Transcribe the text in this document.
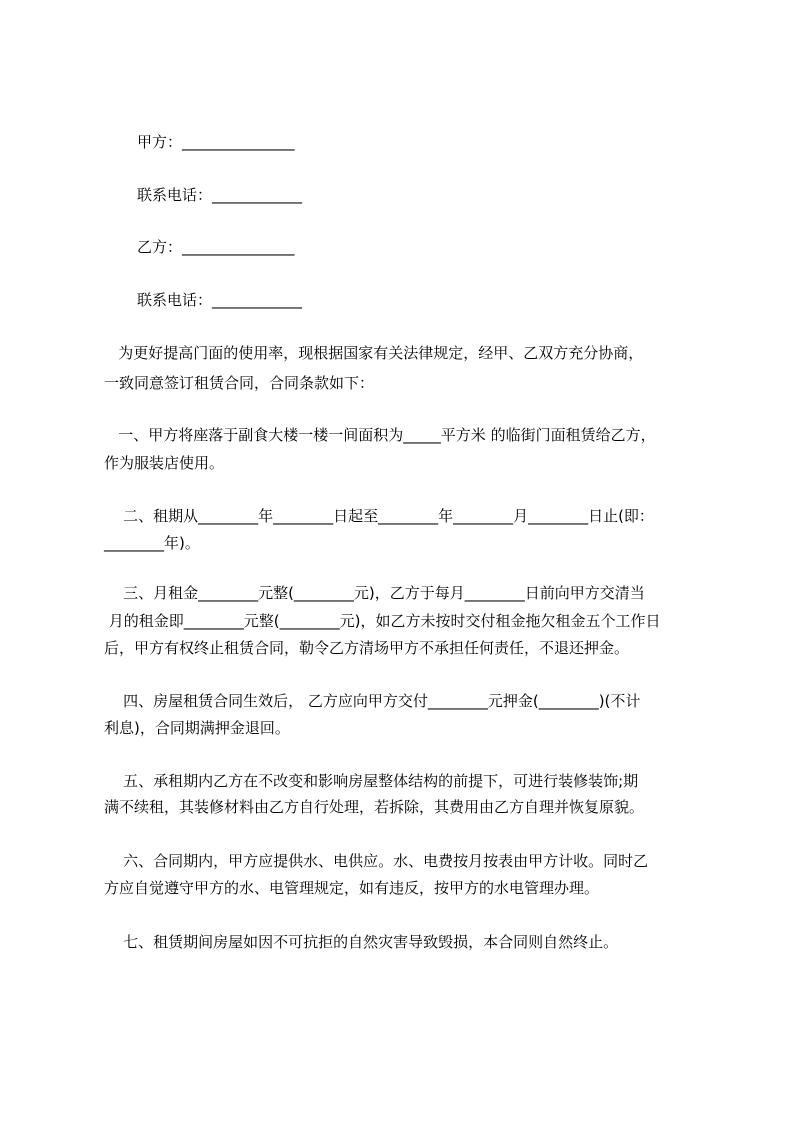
甲方：_______________
联系电话：____________
乙方：_______________
联系电话：____________
为更好提高门面的使用率，现根据国家有关法律规定，经甲、乙双方充分协商，
一致同意签订租赁合同，合同条款如下：
一、甲方将座落于副食大楼一楼一间面积为_____平方米 的临街门面租赁给乙方，
作为服装店使用。
二、租期从________年________日起至________年________月________日止(即：
________年)。
三、月租金________元整(________元)，乙方于每月________日前向甲方交清当
月的租金即________元整(________元)，如乙方未按时交付租金拖欠租金五个工作日
后，甲方有权终止租赁合同，勒令乙方清场甲方不承担任何责任，不退还押金。
四、房屋租赁合同生效后， 乙方应向甲方交付________元押金(________)(不计
利息)，合同期满押金退回。
五、承租期内乙方在不改变和影响房屋整体结构的前提下，可进行装修装饰;期
满不续租，其装修材料由乙方自行处理，若拆除，其费用由乙方自理并恢复原貌。
六、合同期内，甲方应提供水、电供应。水、电费按月按表由甲方计收。同时乙
方应自觉遵守甲方的水、电管理规定，如有违反，按甲方的水电管理办理。
七、租赁期间房屋如因不可抗拒的自然灾害导致毁损，本合同则自然终止。
